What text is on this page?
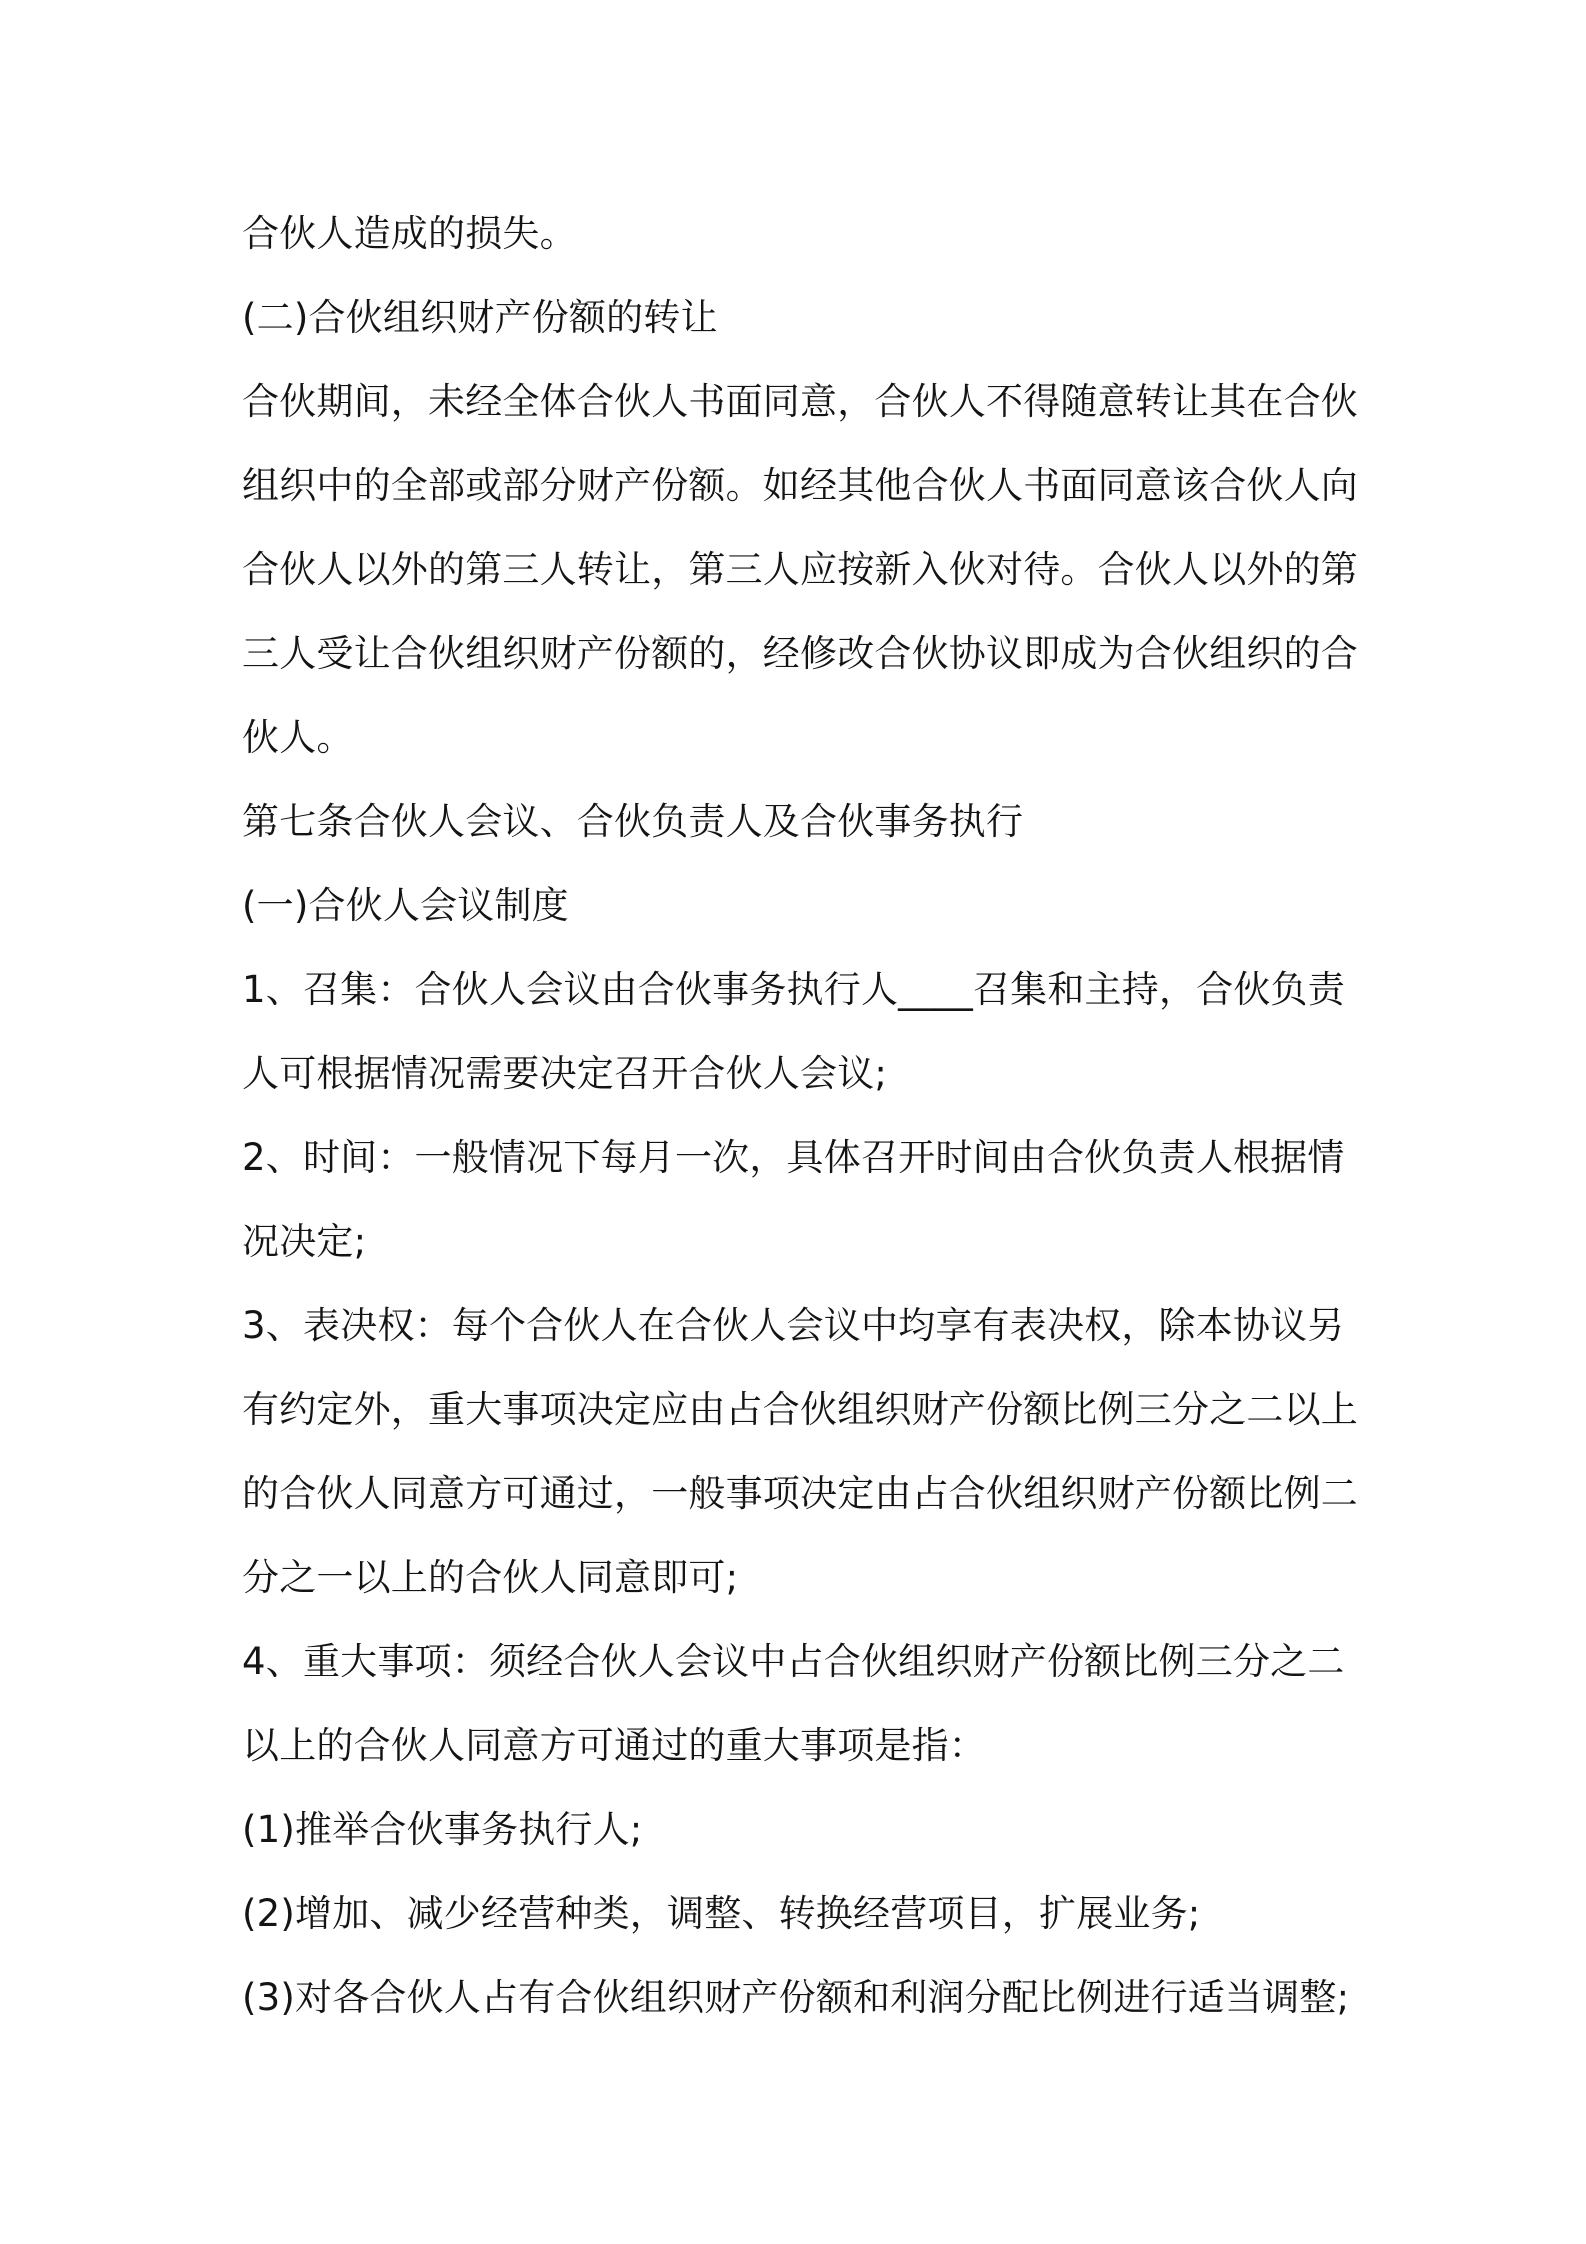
合伙人造成的损失。

(二)合伙组织财产份额的转让

合伙期间，未经全体合伙人书面同意，合伙人不得随意转让其在合伙

组织中的全部或部分财产份额。如经其他合伙人书面同意该合伙人向

合伙人以外的第三人转让，第三人应按新入伙对待。合伙人以外的第

三人受让合伙组织财产份额的，经修改合伙协议即成为合伙组织的合

伙人。

第七条合伙人会议、合伙负责人及合伙事务执行

(一)合伙人会议制度

1、召集：合伙人会议由合伙事务执行人____召集和主持，合伙负责

人可根据情况需要决定召开合伙人会议;

2、时间：一般情况下每月一次，具体召开时间由合伙负责人根据情

况决定;

3、表决权：每个合伙人在合伙人会议中均享有表决权，除本协议另

有约定外，重大事项决定应由占合伙组织财产份额比例三分之二以上

的合伙人同意方可通过，一般事项决定由占合伙组织财产份额比例二

分之一以上的合伙人同意即可;

4、重大事项：须经合伙人会议中占合伙组织财产份额比例三分之二

以上的合伙人同意方可通过的重大事项是指：

(1)推举合伙事务执行人;

(2)增加、减少经营种类，调整、转换经营项目，扩展业务;

(3)对各合伙人占有合伙组织财产份额和利润分配比例进行适当调整;
